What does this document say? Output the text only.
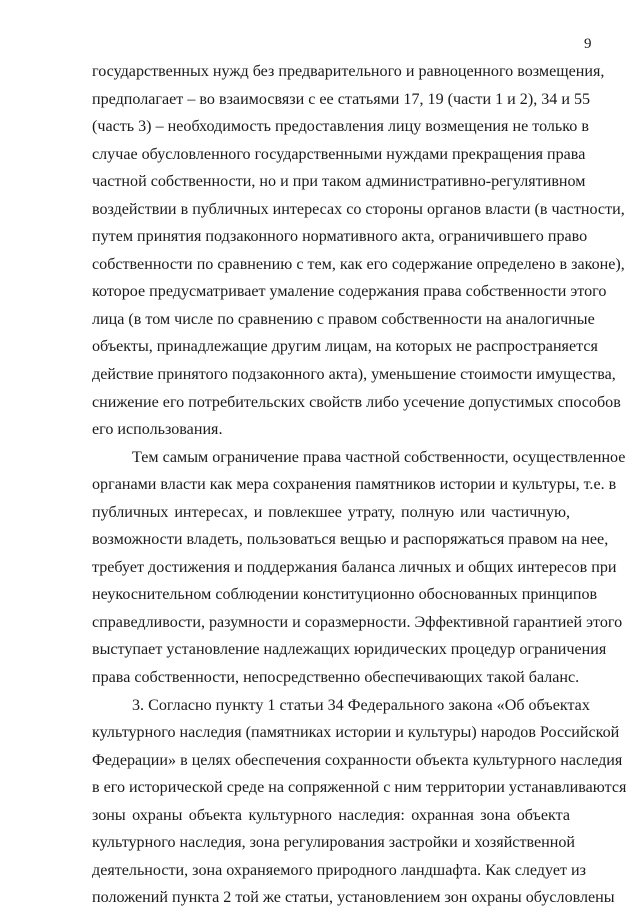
9
государственных нужд без предварительного и равноценного возмещения,
предполагает – во взаимосвязи с ее статьями 17, 19 (части 1 и 2), 34 и 55
(часть 3) – необходимость предоставления лицу возмещения не только в
случае обусловленного государственными нуждами прекращения права
частной собственности, но и при таком административно-регулятивном
воздействии в публичных интересах со стороны органов власти (в частности,
путем принятия подзаконного нормативного акта, ограничившего право
собственности по сравнению с тем, как его содержание определено в законе),
которое предусматривает умаление содержания права собственности этого
лица (в том числе по сравнению с правом собственности на аналогичные
объекты, принадлежащие другим лицам, на которых не распространяется
действие принятого подзаконного акта), уменьшение стоимости имущества,
снижение его потребительских свойств либо усечение допустимых способов
его использования.
Тем самым ограничение права частной собственности, осуществленное
органами власти как мера сохранения памятников истории и культуры, т.е. в
публичных интересах, и повлекшее утрату, полную или частичную,
возможности владеть, пользоваться вещью и распоряжаться правом на нее,
требует достижения и поддержания баланса личных и общих интересов при
неукоснительном соблюдении конституционно обоснованных принципов
справедливости, разумности и соразмерности. Эффективной гарантией этого
выступает установление надлежащих юридических процедур ограничения
права собственности, непосредственно обеспечивающих такой баланс.
3. Согласно пункту 1 статьи 34 Федерального закона «Об объектах
культурного наследия (памятниках истории и культуры) народов Российской
Федерации» в целях обеспечения сохранности объекта культурного наследия
в его исторической среде на сопряженной с ним территории устанавливаются
зоны охраны объекта культурного наследия: охранная зона объекта
культурного наследия, зона регулирования застройки и хозяйственной
деятельности, зона охраняемого природного ландшафта. Как следует из
положений пункта 2 той же статьи, установлением зон охраны обусловлены
